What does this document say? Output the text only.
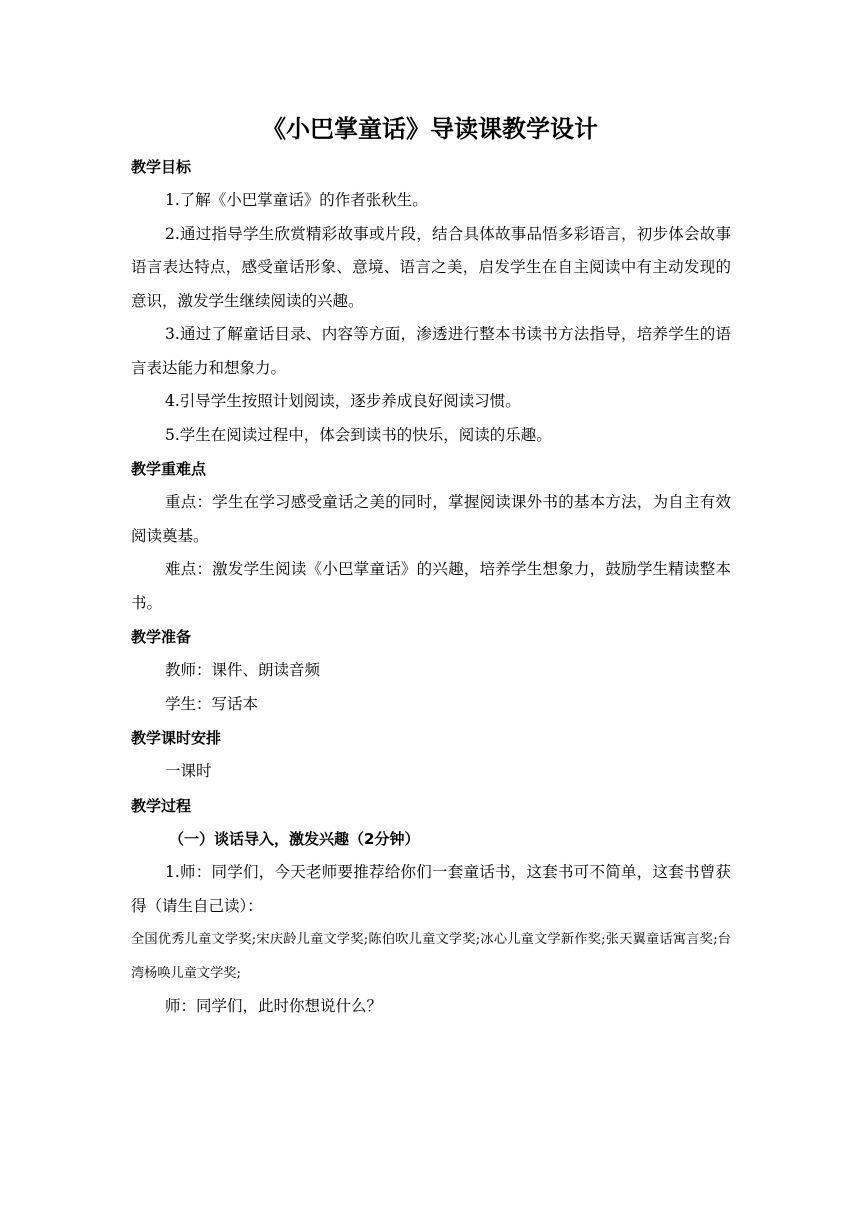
《小巴掌童话》导读课教学设计
教学目标
1.了解《小巴掌童话》的作者张秋生。
2.通过指导学生欣赏精彩故事或片段，结合具体故事品悟多彩语言，初步体会故事语言表达特点，感受童话形象、意境、语言之美，启发学生在自主阅读中有主动发现的意识，激发学生继续阅读的兴趣。
3.通过了解童话目录、内容等方面，渗透进行整本书读书方法指导，培养学生的语言表达能力和想象力。
4.引导学生按照计划阅读，逐步养成良好阅读习惯。
5.学生在阅读过程中，体会到读书的快乐，阅读的乐趣。
教学重难点
重点：学生在学习感受童话之美的同时，掌握阅读课外书的基本方法，为自主有效阅读奠基。
难点：激发学生阅读《小巴掌童话》的兴趣，培养学生想象力，鼓励学生精读整本书。
教学准备
教师：课件、朗读音频
学生：写话本
教学课时安排
一课时
教学过程
（一）谈话导入，激发兴趣（2分钟）
1.师：同学们，今天老师要推荐给你们一套童话书，这套书可不简单，这套书曾获得（请生自己读）：
全国优秀儿童文学奖;宋庆龄儿童文学奖;陈伯吹儿童文学奖;冰心儿童文学新作奖;张天翼童话寓言奖;台湾杨唤儿童文学奖;
师：同学们，此时你想说什么？
